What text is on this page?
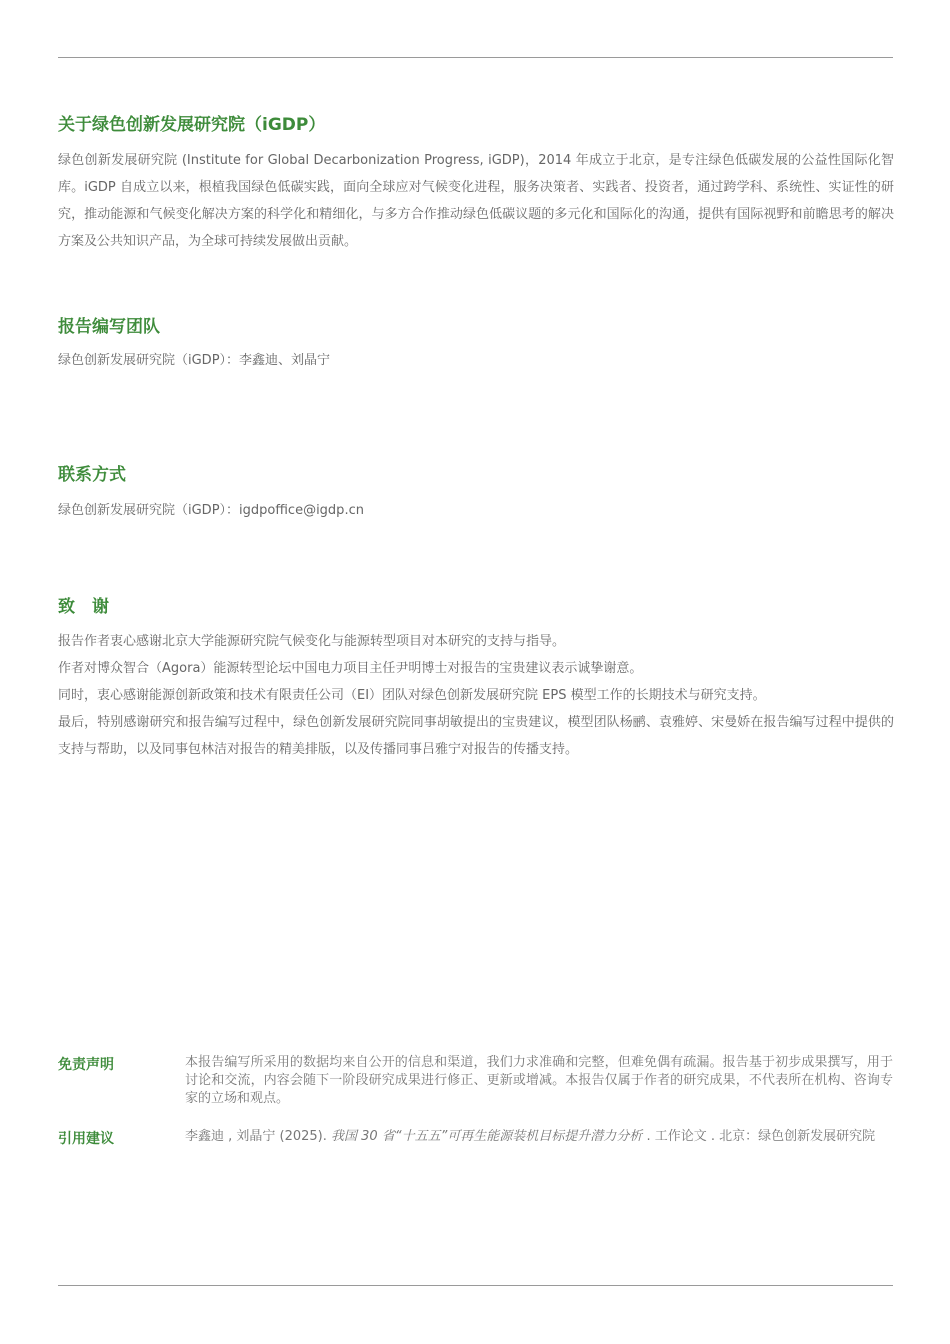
关于绿色创新发展研究院（iGDP）

绿色创新发展研究院 (Institute for Global Decarbonization Progress, iGDP)，2014 年成立于北京，是专注绿色低碳发展的公益性国际化智库。iGDP 自成立以来，根植我国绿色低碳实践，面向全球应对气候变化进程，服务决策者、实践者、投资者，通过跨学科、系统性、实证性的研究，推动能源和气候变化解决方案的科学化和精细化，与多方合作推动绿色低碳议题的多元化和国际化的沟通，提供有国际视野和前瞻思考的解决方案及公共知识产品，为全球可持续发展做出贡献。

报告编写团队

绿色创新发展研究院（iGDP）：李鑫迪、刘晶宁

联系方式

绿色创新发展研究院（iGDP）：igdpoffice@igdp.cn

致　谢

报告作者衷心感谢北京大学能源研究院气候变化与能源转型项目对本研究的支持与指导。

作者对博众智合（Agora）能源转型论坛中国电力项目主任尹明博士对报告的宝贵建议表示诚挚谢意。

同时，衷心感谢能源创新政策和技术有限责任公司（EI）团队对绿色创新发展研究院 EPS 模型工作的长期技术与研究支持。

最后，特别感谢研究和报告编写过程中，绿色创新发展研究院同事胡敏提出的宝贵建议，模型团队杨鹂、袁雅婷、宋曼娇在报告编写过程中提供的支持与帮助，以及同事包林洁对报告的精美排版，以及传播同事吕雅宁对报告的传播支持。

免责声明	本报告编写所采用的数据均来自公开的信息和渠道，我们力求准确和完整，但难免偶有疏漏。报告基于初步成果撰写，用于讨论和交流，内容会随下一阶段研究成果进行修正、更新或增减。本报告仅属于作者的研究成果，不代表所在机构、咨询专家的立场和观点。

引用建议	李鑫迪 , 刘晶宁 (2025). 我国 30 省“十五五”可再生能源装机目标提升潜力分析 . 工作论文 . 北京：绿色创新发展研究院
